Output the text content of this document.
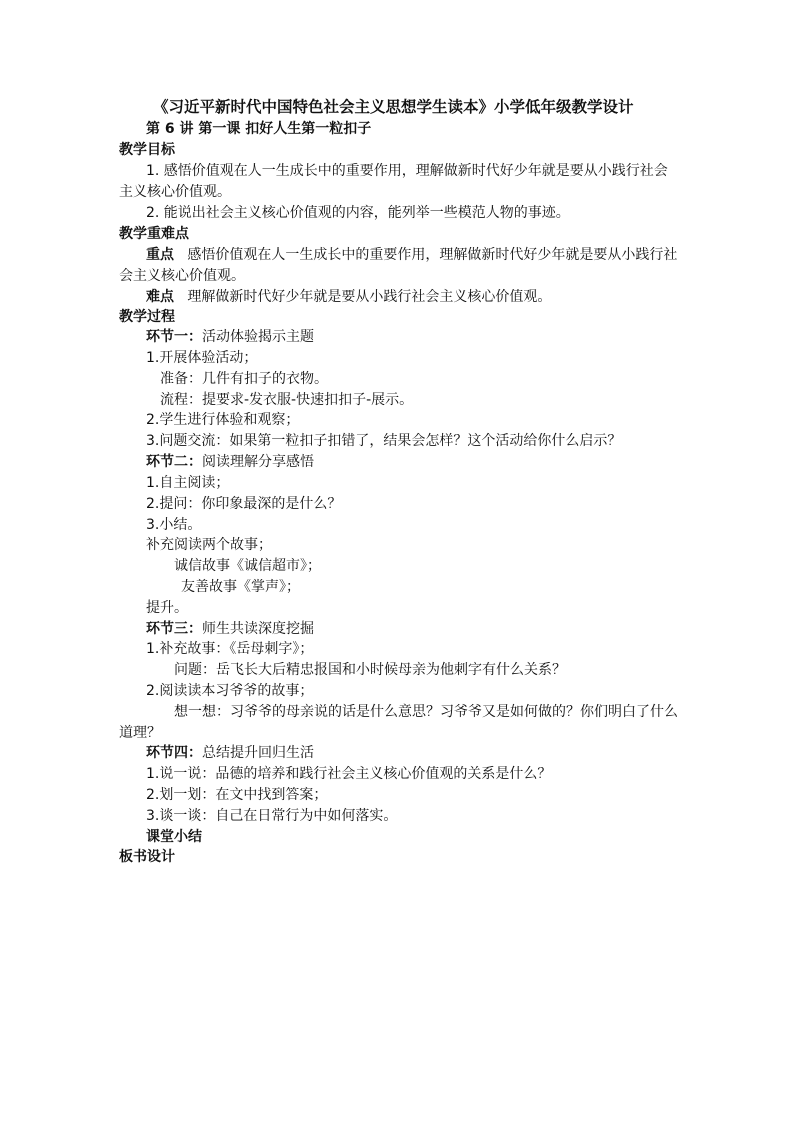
《习近平新时代中国特色社会主义思想学生读本》小学低年级教学设计
第 6 讲 第一课 扣好人生第一粒扣子
教学目标
1. 感悟价值观在人一生成长中的重要作用，理解做新时代好少年就是要从小践行社会
主义核心价值观。
2. 能说出社会主义核心价值观的内容，能列举一些模范人物的事迹。
教学重难点
重点 感悟价值观在人一生成长中的重要作用，理解做新时代好少年就是要从小践行社
会主义核心价值观。
难点 理解做新时代好少年就是要从小践行社会主义核心价值观。
教学过程
环节一：活动体验揭示主题
1.开展体验活动；
准备：几件有扣子的衣物。
流程：提要求-发衣服-快速扣扣子-展示。
2.学生进行体验和观察；
3.问题交流：如果第一粒扣子扣错了，结果会怎样？这个活动给你什么启示？
环节二：阅读理解分享感悟
1.自主阅读；
2.提问：你印象最深的是什么？
3.小结。
补充阅读两个故事；
诚信故事《诚信超市》；
友善故事《掌声》；
提升。
环节三：师生共读深度挖掘
1.补充故事：《岳母刺字》；
问题：岳飞长大后精忠报国和小时候母亲为他刺字有什么关系？
2.阅读读本习爷爷的故事；
想一想：习爷爷的母亲说的话是什么意思？习爷爷又是如何做的？你们明白了什么
道理？
环节四：总结提升回归生活
1.说一说：品德的培养和践行社会主义核心价值观的关系是什么？
2.划一划：在文中找到答案；
3.谈一谈：自己在日常行为中如何落实。
课堂小结
板书设计
